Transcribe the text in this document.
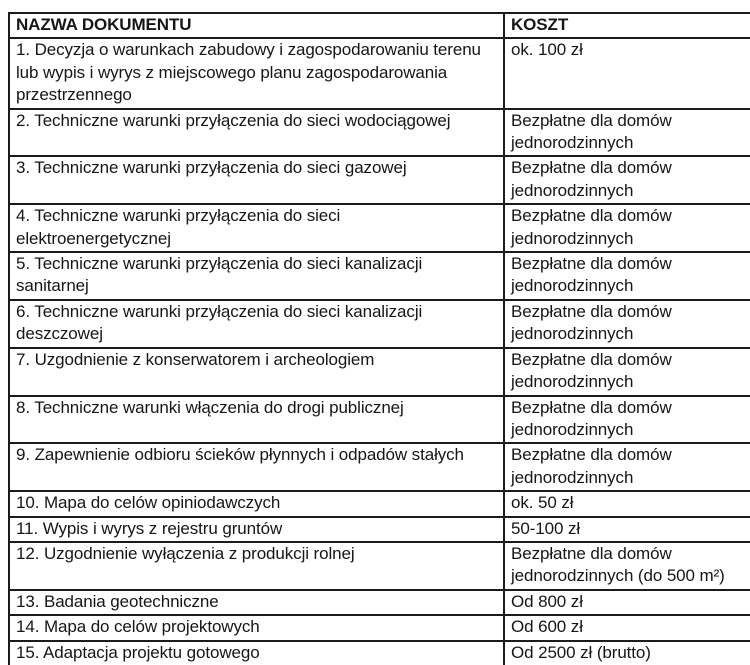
NAZWA DOKUMENTU	KOSZT
1. Decyzja o warunkach zabudowy i zagospodarowaniu terenu lub wypis i wyrys z miejscowego planu zagospodarowania przestrzennego	ok. 100 zł
2. Techniczne warunki przyłączenia do sieci wodociągowej	Bezpłatne dla domów jednorodzinnych
3. Techniczne warunki przyłączenia do sieci gazowej	Bezpłatne dla domów jednorodzinnych
4. Techniczne warunki przyłączenia do sieci elektroenergetycznej	Bezpłatne dla domów jednorodzinnych
5. Techniczne warunki przyłączenia do sieci kanalizacji sanitarnej	Bezpłatne dla domów jednorodzinnych
6. Techniczne warunki przyłączenia do sieci kanalizacji deszczowej	Bezpłatne dla domów jednorodzinnych
7. Uzgodnienie z konserwatorem i archeologiem	Bezpłatne dla domów jednorodzinnych
8. Techniczne warunki włączenia do drogi publicznej	Bezpłatne dla domów jednorodzinnych
9. Zapewnienie odbioru ścieków płynnych i odpadów stałych	Bezpłatne dla domów jednorodzinnych
10. Mapa do celów opiniodawczych	ok. 50 zł
11. Wypis i wyrys z rejestru gruntów	50-100 zł
12. Uzgodnienie wyłączenia z produkcji rolnej	Bezpłatne dla domów jednorodzinnych (do 500 m²)
13. Badania geotechniczne	Od 800 zł
14. Mapa do celów projektowych	Od 600 zł
15. Adaptacja projektu gotowego	Od 2500 zł (brutto)
